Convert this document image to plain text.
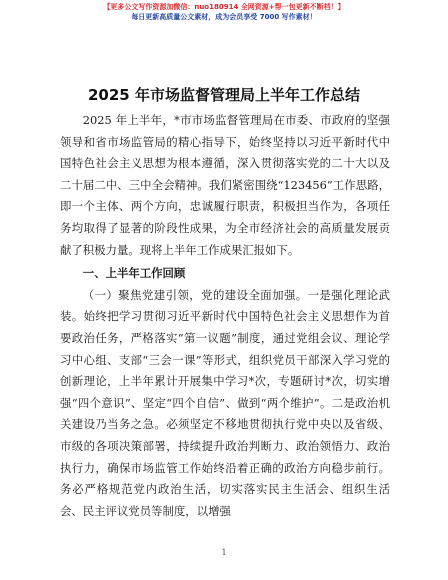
【更多公文写作资源加微信：nuo180914 全网资源+帮一包更新不断档！】
每日更新高质量公文素材，成为会员享受 7000 写作素材！
2025 年市场监督管理局上半年工作总结

2025 年上半年，*市市场监督管理局在市委、市政府的坚强领导和省市场监管局的精心指导下，始终坚持以习近平新时代中国特色社会主义思想为根本遵循，深入贯彻落实党的二十大以及二十届二中、三中全会精神。我们紧密围绕“123456”工作思路，即一个主体、两个方向，忠诚履行职责，积极担当作为，各项任务均取得了显著的阶段性成果，为全市经济社会的高质量发展贡献了积极力量。现将上半年工作成果汇报如下。

一、上半年工作回顾

（一）聚焦党建引领，党的建设全面加强。一是强化理论武装。始终把学习贯彻习近平新时代中国特色社会主义思想作为首要政治任务，严格落实“第一议题”制度，通过党组会议、理论学习中心组、支部“三会一课”等形式，组织党员干部深入学习党的创新理论，上半年累计开展集中学习*次，专题研讨*次，切实增强“四个意识”、坚定“四个自信”、做到“两个维护”。二是政治机关建设乃当务之急。必须坚定不移地贯彻执行党中央以及省级、市级的各项决策部署，持续提升政治判断力、政治领悟力、政治执行力，确保市场监管工作始终沿着正确的政治方向稳步前行。务必严格规范党内政治生活，切实落实民主生活会、组织生活会、民主评议党员等制度，以增强

1
